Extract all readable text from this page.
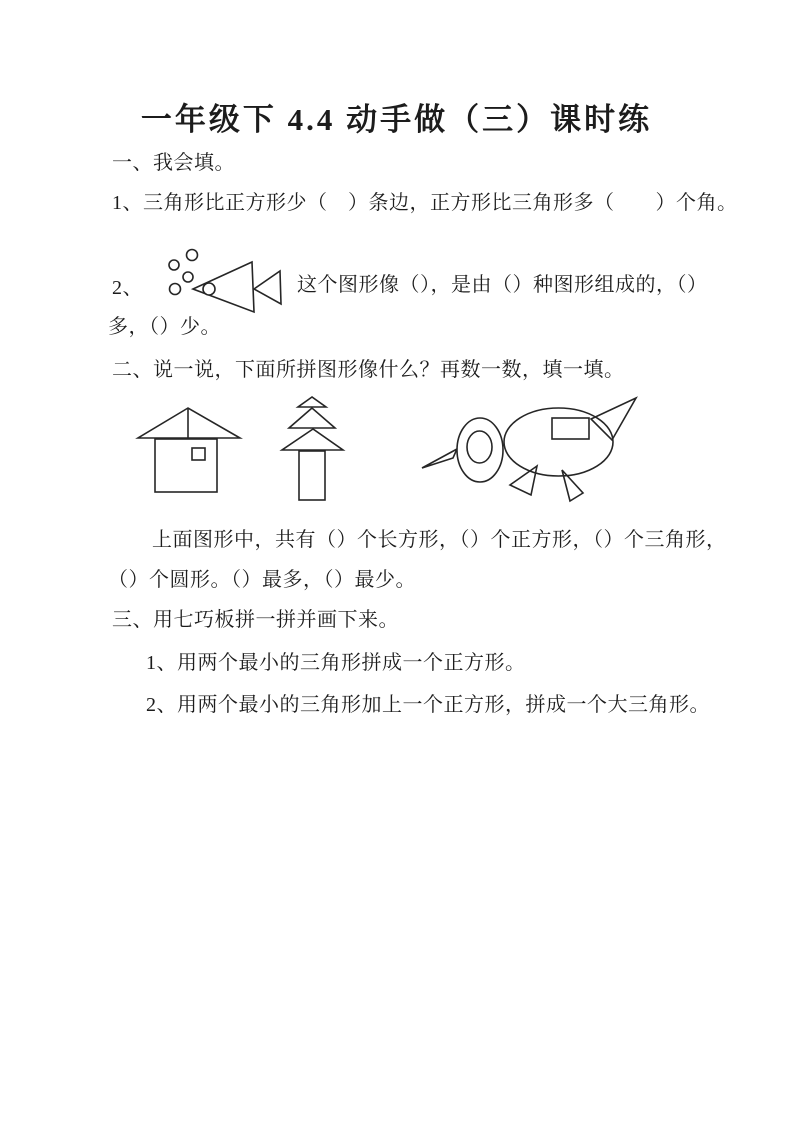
一年级下 4.4 动手做（三）课时练
一、我会填。
1、三角形比正方形少（　）条边，正方形比三角形多（　　）个角。
2、	这个图形像（），是由（）种图形组成的，（）
多，（）少。
二、说一说，下面所拼图形像什么？再数一数，填一填。
上面图形中，共有（）个长方形，（）个正方形，（）个三角形，
（）个圆形。（）最多，（）最少。
三、用七巧板拼一拼并画下来。
1、用两个最小的三角形拼成一个正方形。
2、用两个最小的三角形加上一个正方形，拼成一个大三角形。
